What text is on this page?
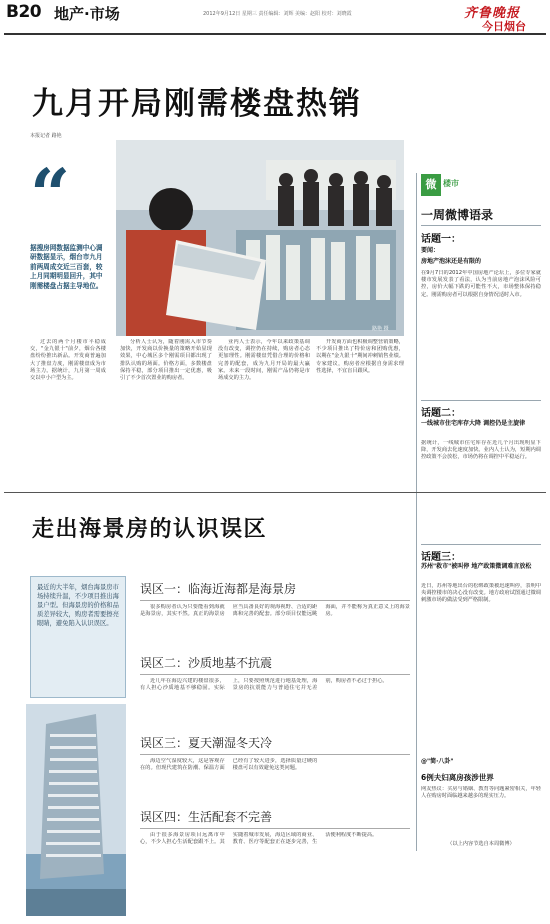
B20 地产·市场	2012年9月12日 星期三 责任编辑：刘辉 美编：赵阳 校对：刘晓霞	齐鲁晚报
今日烟台
九月开局刚需楼盘热销
本报记者 路艳
“
据搜房网数据监测中心调研数据显示，烟台市九月前两周成交近三百套，较上月同期明显回升，其中刚需楼盘占据主导地位。
路艳 摄

过去的两个月楼市平稳成交，"金九银十"前夕，烟台各楼盘纷纷推出新品。开发商普遍加大了推盘力度，刚需楼盘成为市场主力。据统计，九月第一周成交以中小户型为主。

分析人士认为，随着刚需入市节奏加快，开发商以价换量的策略开始显现效果，中心城区多个刚需项目都出现了排队认购的场面。价格方面，多数楼盘保持平稳，部分项目推出一定优惠，吸引了不少首次置业的购房者。

业内人士表示，今年以来政策基调没有改变，调控仍在持续，购房者心态更加理性。刚需楼盘凭借合理的价格和完善的配套，成为九月开局的最大赢家。未来一段时间，刚需产品仍将是市场成交的主力。

开发商方面也积极调整营销策略，不少项目推出了特价房和团购优惠，以期在"金九银十"期间冲刺销售业绩。专家建议，购房者应根据自身需求理性选择，不宜盲目跟风。

微 楼市
一周微博语录
话题一：
要闻：
房地产泡沫还是有限的
在9月7日的2012年中国房地产论坛上，多位专家就楼市发展发表了看法，认为当前房地产泡沫风险可控，房价大幅下跌的可能性不大，市场整体保持稳定。刚需购房者可以根据自身情况适时入市。
话题二：
一线城市住宅库存大降 调控仍是主旋律
据统计，一线城市住宅库存在近几个月出现明显下降，开发商去化速度加快。业内人士认为，短期内调控政策不会放松，市场仍将在调控中平稳运行。
话题三：
苏州"救市"被叫停 地产政策微调难言放松
近日，苏州等地出台的松绑政策被迅速叫停，表明中央调控楼市的决心没有改变。地方政府试图通过微调刺激市场的做法受到严格限制。
@"简·八卦"
6例夫妇离房孩涉世界
网友热议：买房与婚姻、教育等问题紧密相关，年轻人在购房时面临越来越多的现实压力。
（以上内容节选自本周微博）
走出海景房的认识误区
最近的大半年，烟台海景房市场持续升温，不少项目推出海景户型。但海景房的价格和品质差异较大，购房者需要擦亮眼睛，避免陷入认识误区。
误区一：临海近海都是海景房

很多购房者认为只要能看到海就是海景房，其实不然。真正的海景房应当具备良好的观海视野、合适的距离和完善的配套。部分项目仅能远眺海面，并不能称为真正意义上的海景房。

误区二：沙质地基不抗震

近几年在海边兴建的楼盘很多，有人担心沙质地基不够稳固。实际上，只要按照规范进行地基处理，海景房的抗震能力与普通住宅并无差别，购房者不必过于担心。

误区三：夏天潮湿冬天冷

海边空气湿度较大，这是客观存在的。但现代建筑在防潮、保温方面已经有了较大进步，选择质量过硬的楼盘可以有效避免这类问题。

误区四：生活配套不完善

由于很多海景房项目远离市中心，不少人担心生活配套跟不上。其实随着城市发展，海边区域的商业、教育、医疗等配套正在逐步完善，生活便利程度不断提高。
